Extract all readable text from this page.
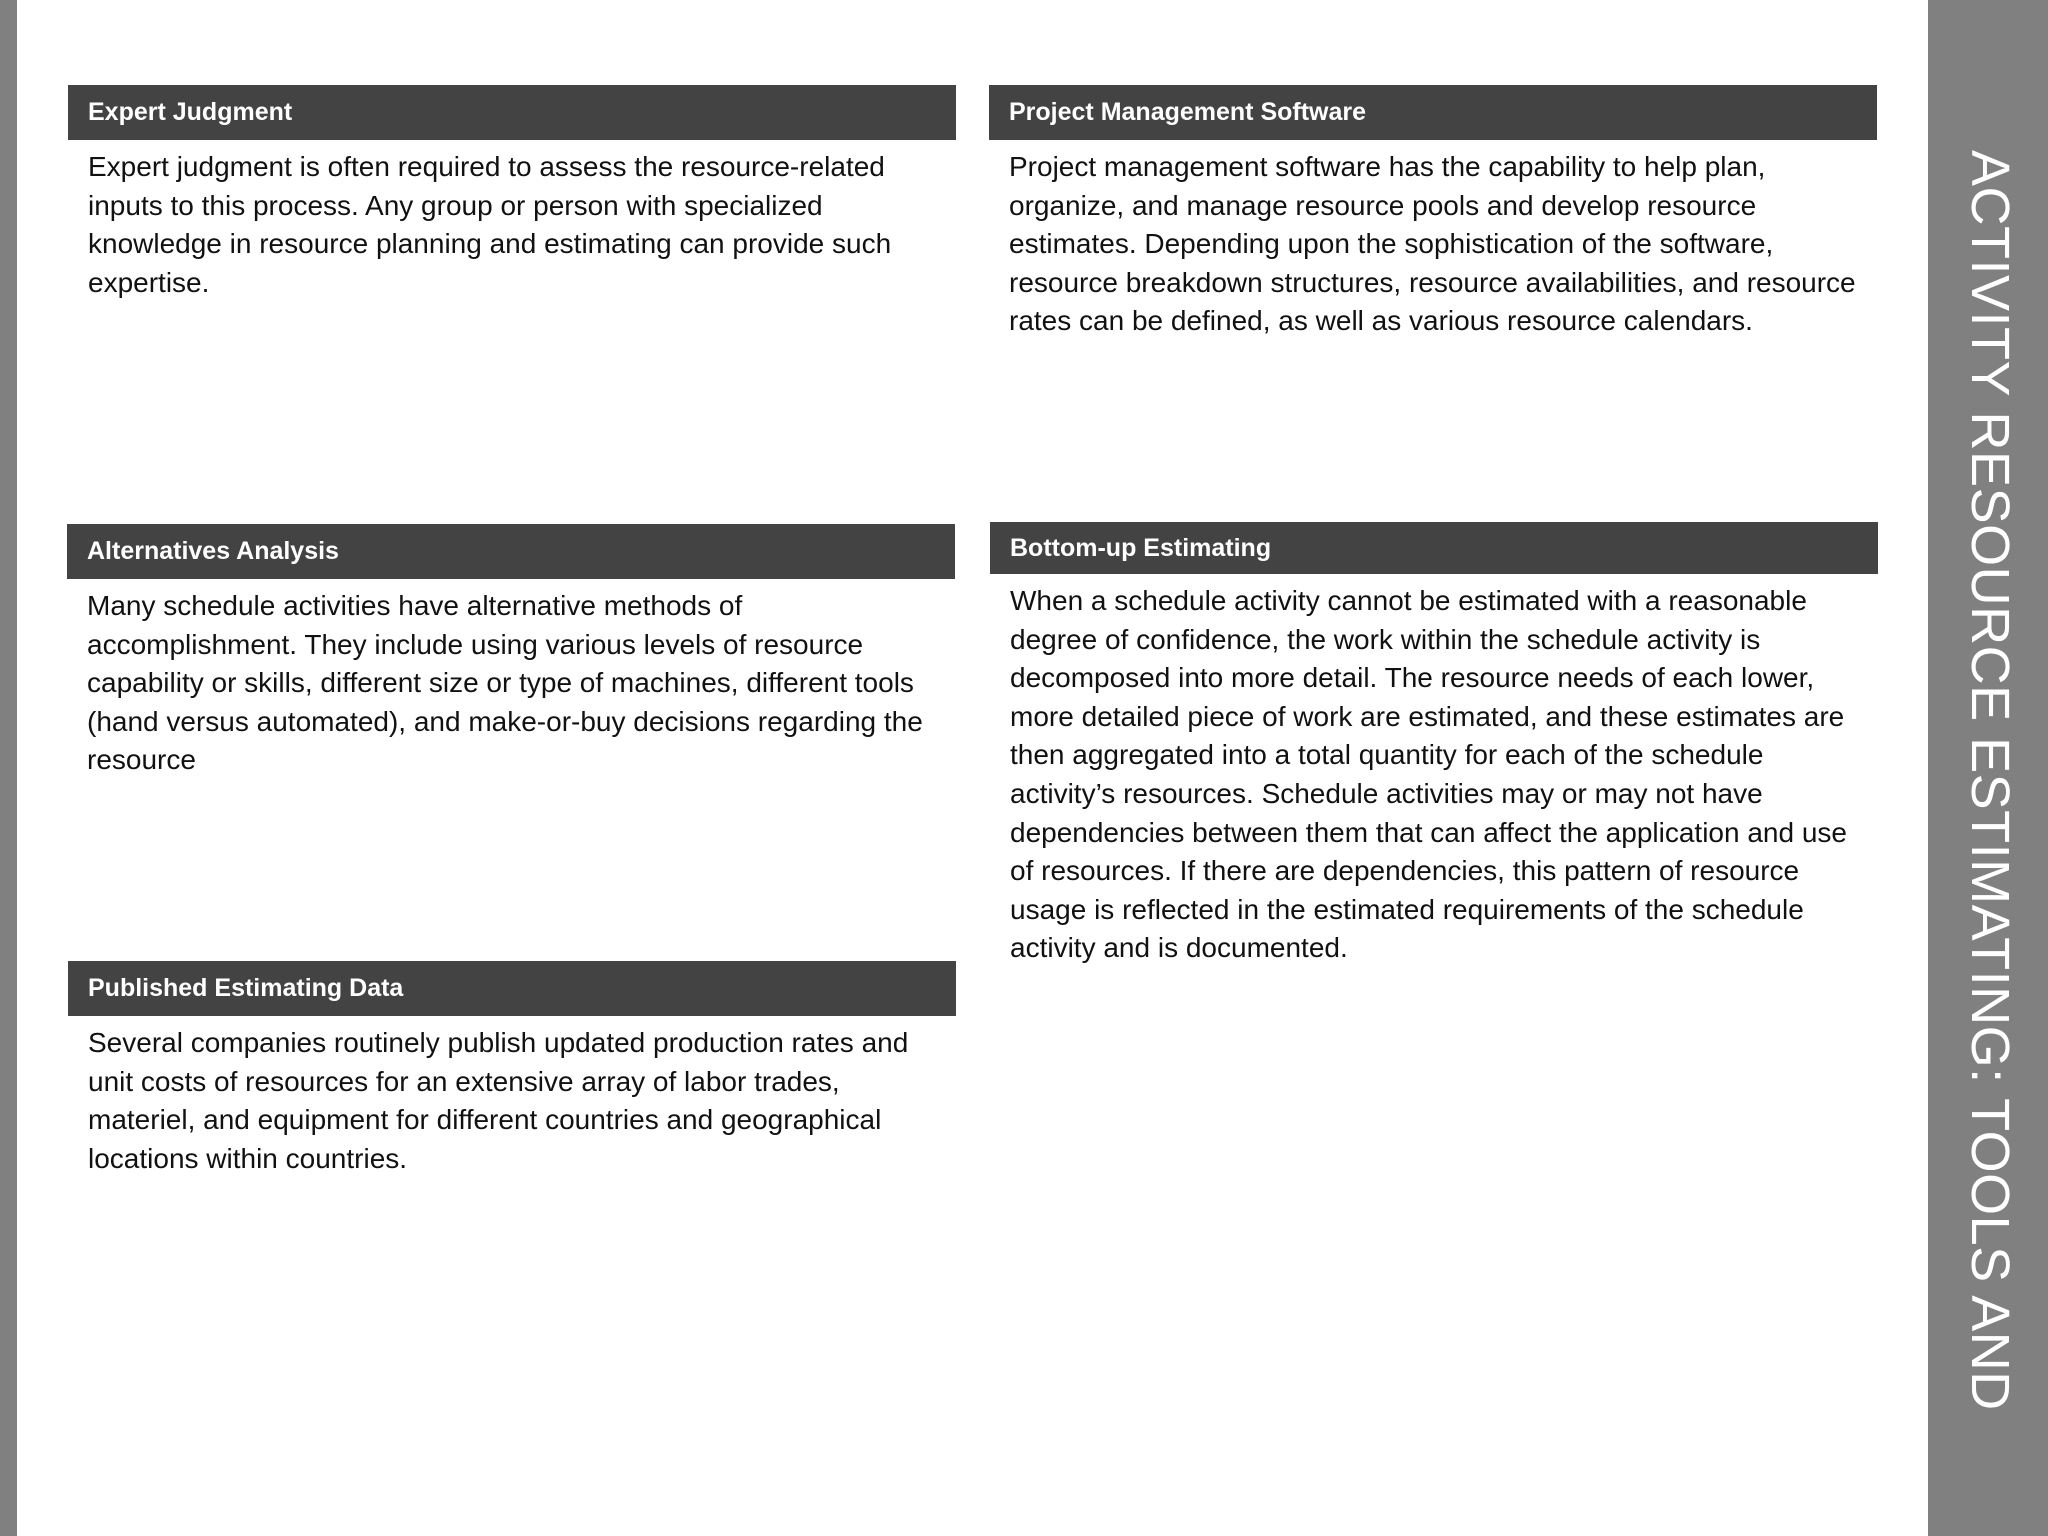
Expert Judgment
Expert judgment is often required to assess the resource-related inputs to this process. Any group or person with specialized knowledge in resource planning and estimating can provide such expertise.
Project Management Software
Project management software has the capability to help plan, organize, and manage resource pools and develop resource estimates. Depending upon the sophistication of the software, resource breakdown structures, resource availabilities, and resource rates can be defined, as well as various resource calendars.
Alternatives Analysis
Many schedule activities have alternative methods of accomplishment. They include using various levels of resource capability or skills, different size or type of machines, different tools (hand versus automated), and make-or-buy decisions regarding the resource
Bottom-up Estimating
When a schedule activity cannot be estimated with a reasonable degree of confidence, the work within the schedule activity is decomposed into more detail. The resource needs of each lower, more detailed piece of work are estimated, and these estimates are then aggregated into a total quantity for each of the schedule activity’s resources. Schedule activities may or may not have dependencies between them that can affect the application and use of resources. If there are dependencies, this pattern of resource usage is reflected in the estimated requirements of the schedule activity and is documented.
Published Estimating Data
Several companies routinely publish updated production rates and unit costs of resources for an extensive array of labor trades, materiel, and equipment for different countries and geographical locations within countries.	ACTIVITY RESOURCE ESTIMATING: TOOLS AND
